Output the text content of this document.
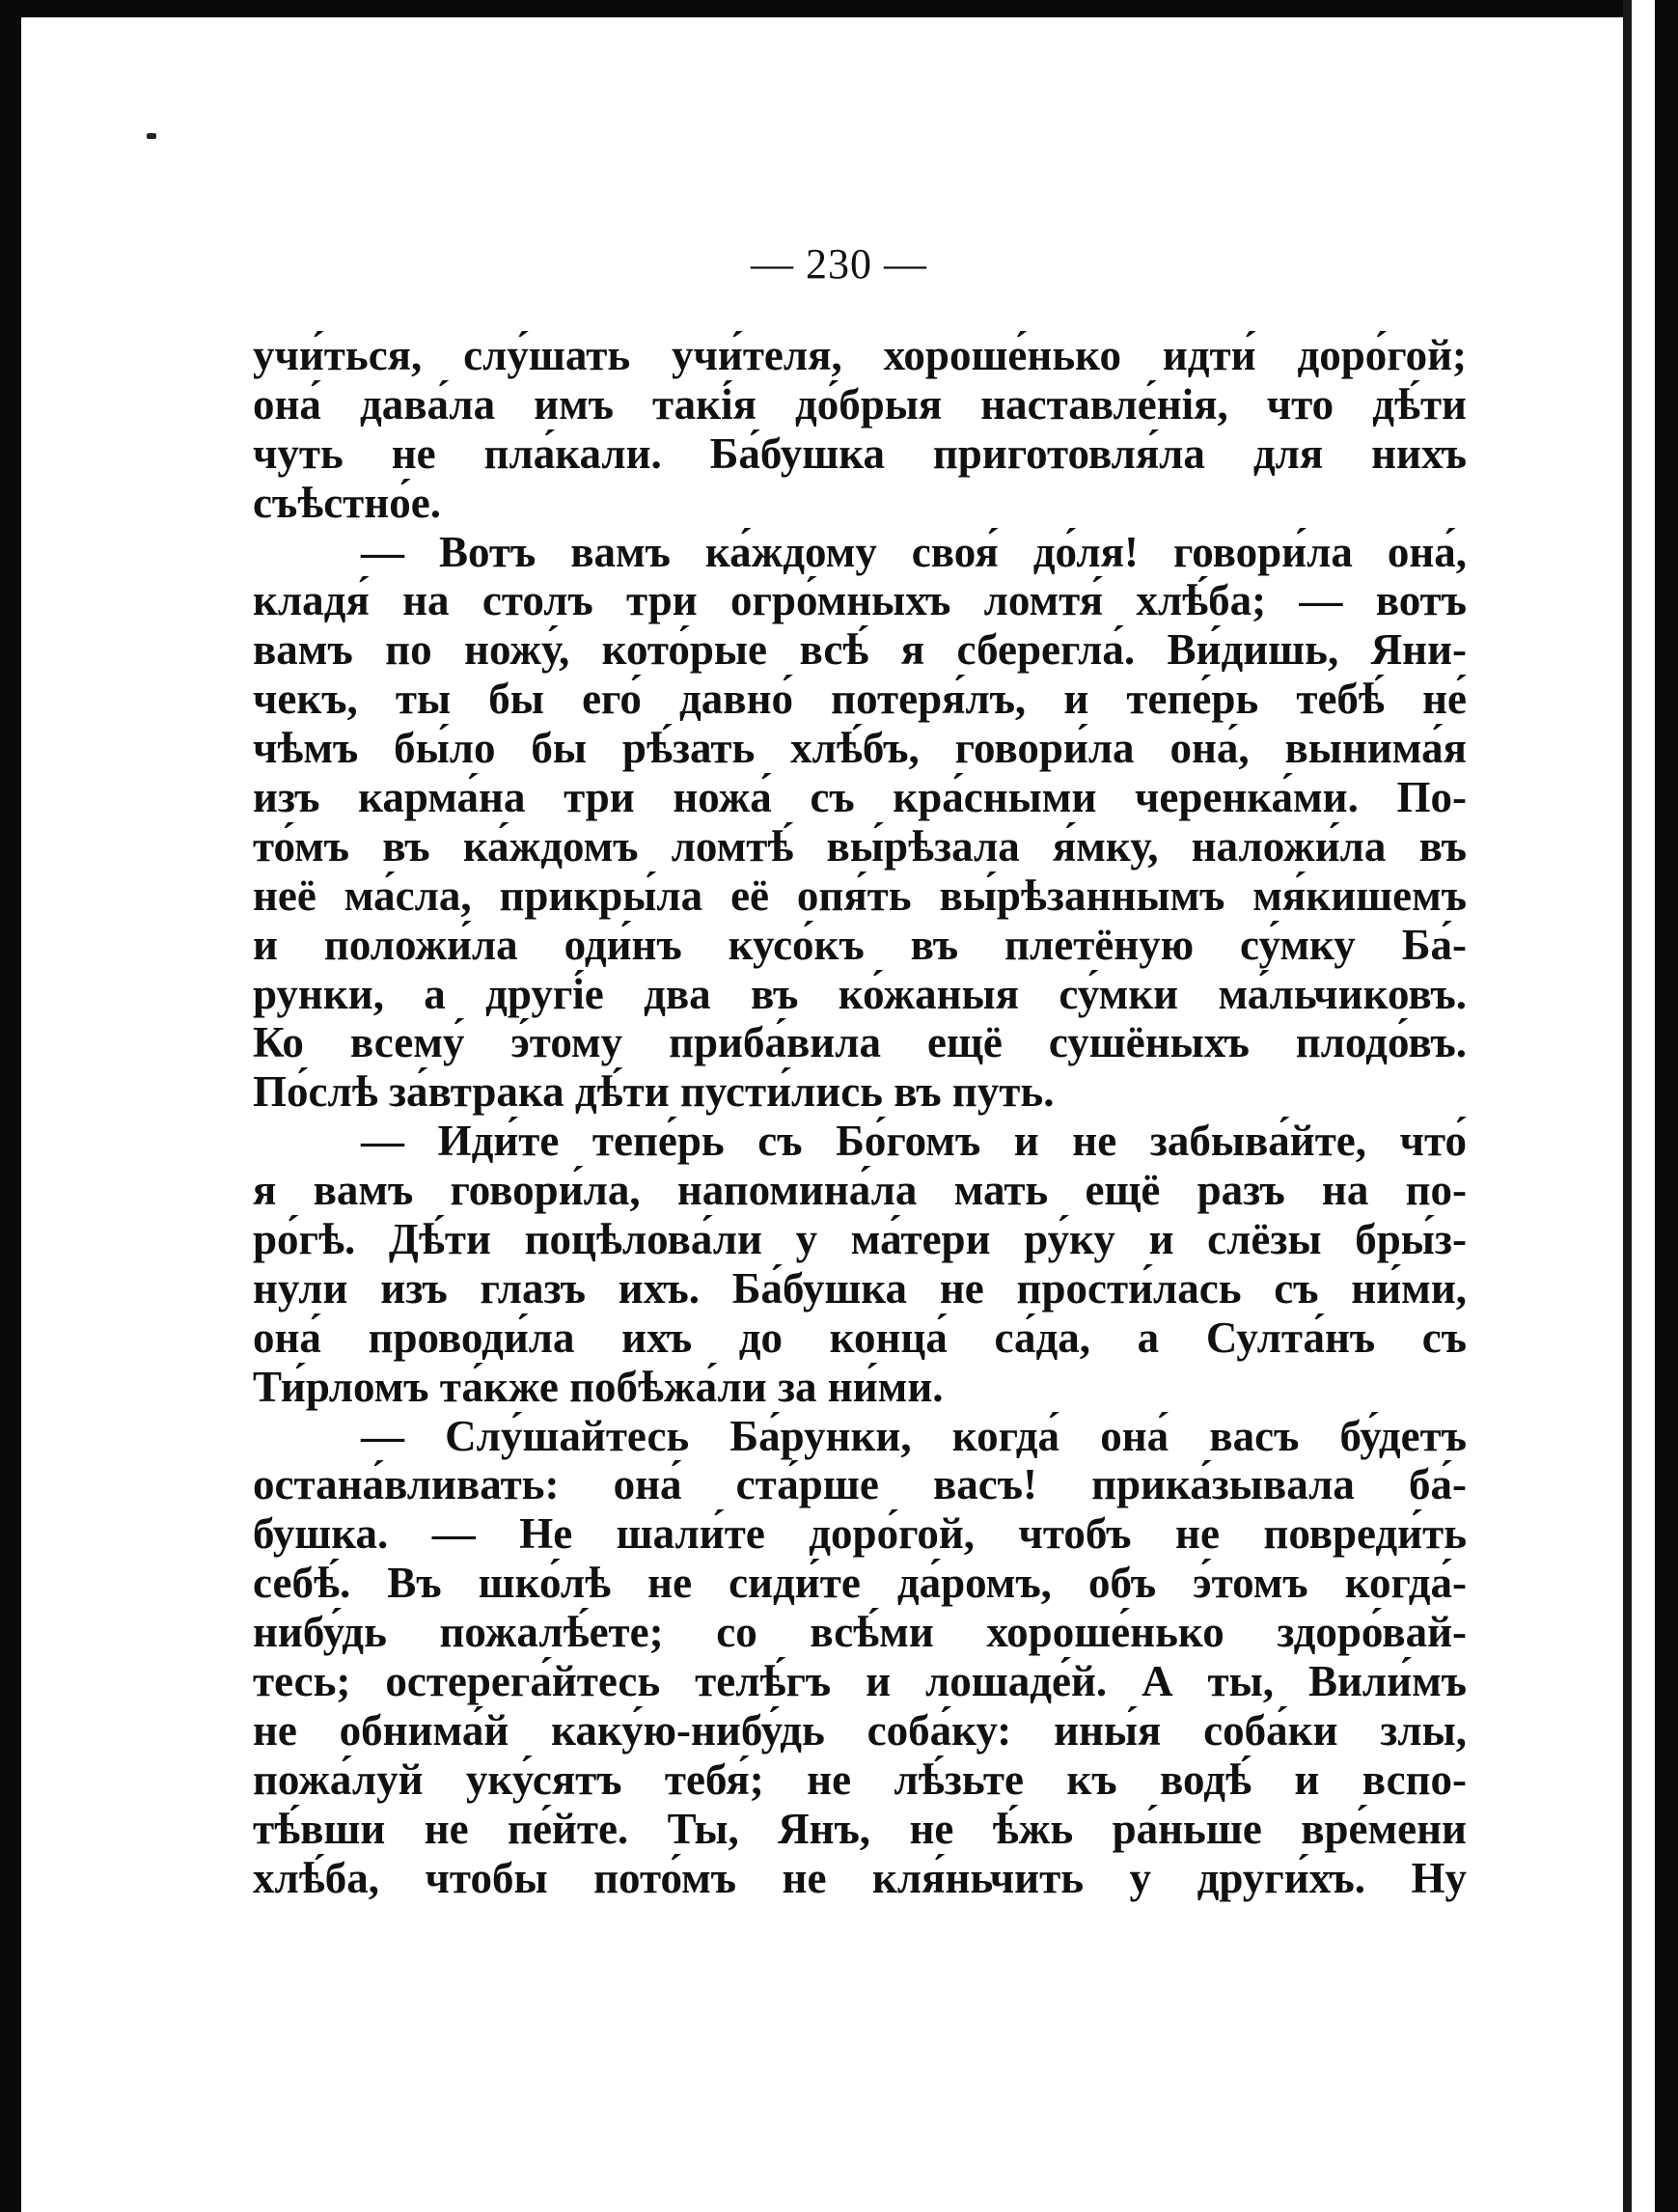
— 230 —
учи́ться, слу́шать учи́теля, хороше́нько идти́ доро́гой;
она́ дава́ла имъ такі́я до́брыя наставле́нія, что дѣ́ти
чуть не пла́кали. Ба́бушка приготовля́ла для нихъ
съѣстно́е.
— Вотъ вамъ ка́ждому своя́ до́ля! говори́ла она́,
кладя́ на столъ три огро́мныхъ ломтя́ хлѣ́ба; — вотъ
вамъ по ножу́, кото́рые всѣ́ я сберегла́. Ви́дишь, Яни-
чекъ, ты бы его́ давно́ потеря́лъ, и тепе́рь тебѣ́ не́
чѣмъ бы́ло бы рѣ́зать хлѣ́бъ, говори́ла она́, вынима́я
изъ карма́на три ножа́ съ кра́сными черенка́ми. По-
то́мъ въ ка́ждомъ ломтѣ́ вы́рѣзала я́мку, наложи́ла въ
неё ма́сла, прикры́ла её опя́ть вы́рѣзаннымъ мя́кишемъ
и положи́ла оди́нъ кусо́къ въ плетёную су́мку Ба́-
рунки, а другі́е два въ ко́жаныя су́мки ма́льчиковъ.
Ко всему́ э́тому приба́вила ещё сушёныхъ плодо́въ.
По́слѣ за́втрака дѣ́ти пусти́лись въ путь.
— Иди́те тепе́рь съ Бо́гомъ и не забыва́йте, что́
я вамъ говори́ла, напомина́ла мать ещё разъ на по-
ро́гѣ. Дѣ́ти поцѣлова́ли у ма́тери ру́ку и слёзы бры́з-
нули изъ глазъ ихъ. Ба́бушка не прости́лась съ ни́ми,
она́ проводи́ла ихъ до конца́ са́да, а Султа́нъ съ
Ти́рломъ та́кже побѣжа́ли за ни́ми.
— Слу́шайтесь Ба́рунки, когда́ она́ васъ бу́детъ
остана́вливать: она́ ста́рше васъ! прика́зывала ба́-
бушка. — Не шали́те доро́гой, чтобъ не повреди́ть
себѣ́. Въ шко́лѣ не сиди́те да́ромъ, объ э́томъ когда́-
нибу́дь пожалѣ́ете; со всѣ́ми хороше́нько здоро́вай-
тесь; остерега́йтесь телѣ́гъ и лошаде́й. А ты, Вили́мъ
не обнима́й каку́ю-нибу́дь соба́ку: ины́я соба́ки злы,
пожа́луй уку́сятъ тебя́; не лѣ́зьте къ водѣ́ и вспо-
тѣ́вши не пе́йте. Ты, Янъ, не ѣ́жь ра́ньше вре́мени
хлѣ́ба, чтобы пото́мъ не кля́ньчить у други́хъ. Ну
